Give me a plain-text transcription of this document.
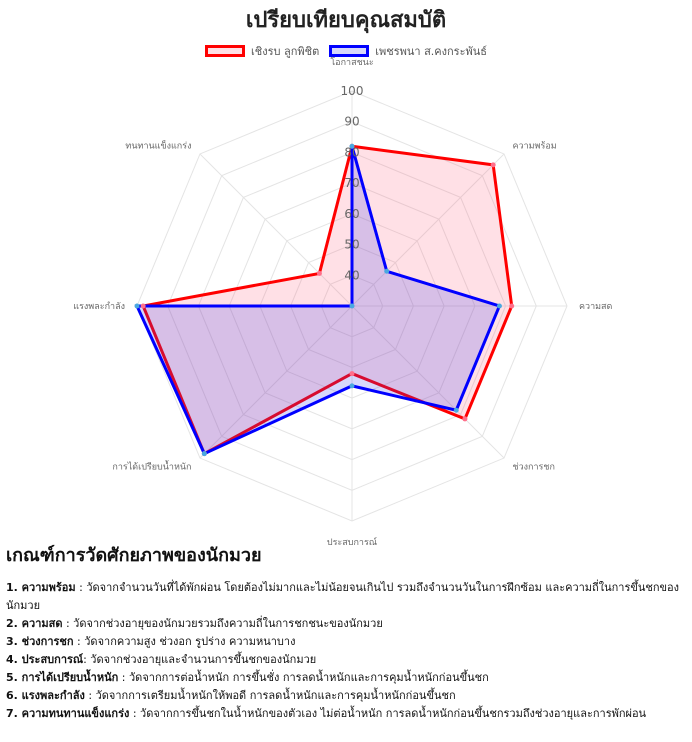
เปรียบเทียบคุณสมบัติ
เชิงรบ ลูกพิชิต	เพชรพนา ส.คงกระพันธ์
40
50
60
70
80
90
100
โอกาสชนะ
ความพร้อม
ความสด
ช่วงการชก
ประสบการณ์
การได้เปรียบน้ำหนัก
แรงพละกำลัง
ทนทานแข็งแกร่ง
เกณฑ์การวัดศักยภาพของนักมวย
1. ความพร้อม : วัดจากจำนวนวันที่ได้พักผ่อน โดยต้องไม่มากและไม่น้อยจนเกินไป รวมถึงจำนวนวันในการฝึกซ้อม และความถี่ในการขึ้นชกของนักมวย
2. ความสด : วัดจากช่วงอายุของนักมวยรวมถึงความถี่ในการชกชนะของนักมวย
3. ช่วงการชก : วัดจากความสูง ช่วงอก รูปร่าง ความหนาบาง
4. ประสบการณ์: วัดจากช่วงอายุและจำนวนการขึ้นชกของนักมวย
5. การได้เปรียบน้ำหนัก : วัดจากการต่อน้ำหนัก การขึ้นชั่ง การลดน้ำหนักและการคุมน้ำหนักก่อนขึ้นชก
6. แรงพละกำลัง : วัดจากการเตรียมน้ำหนักให้พอดี การลดน้ำหนักและการคุมน้ำหนักก่อนขึ้นชก
7. ความทนทานแข็งแกร่ง : วัดจากการขึ้นชกในน้ำหนักของตัวเอง ไม่ต่อน้ำหนัก การลดน้ำหนักก่อนขึ้นชกรวมถึงช่วงอายุและการพักผ่อน
